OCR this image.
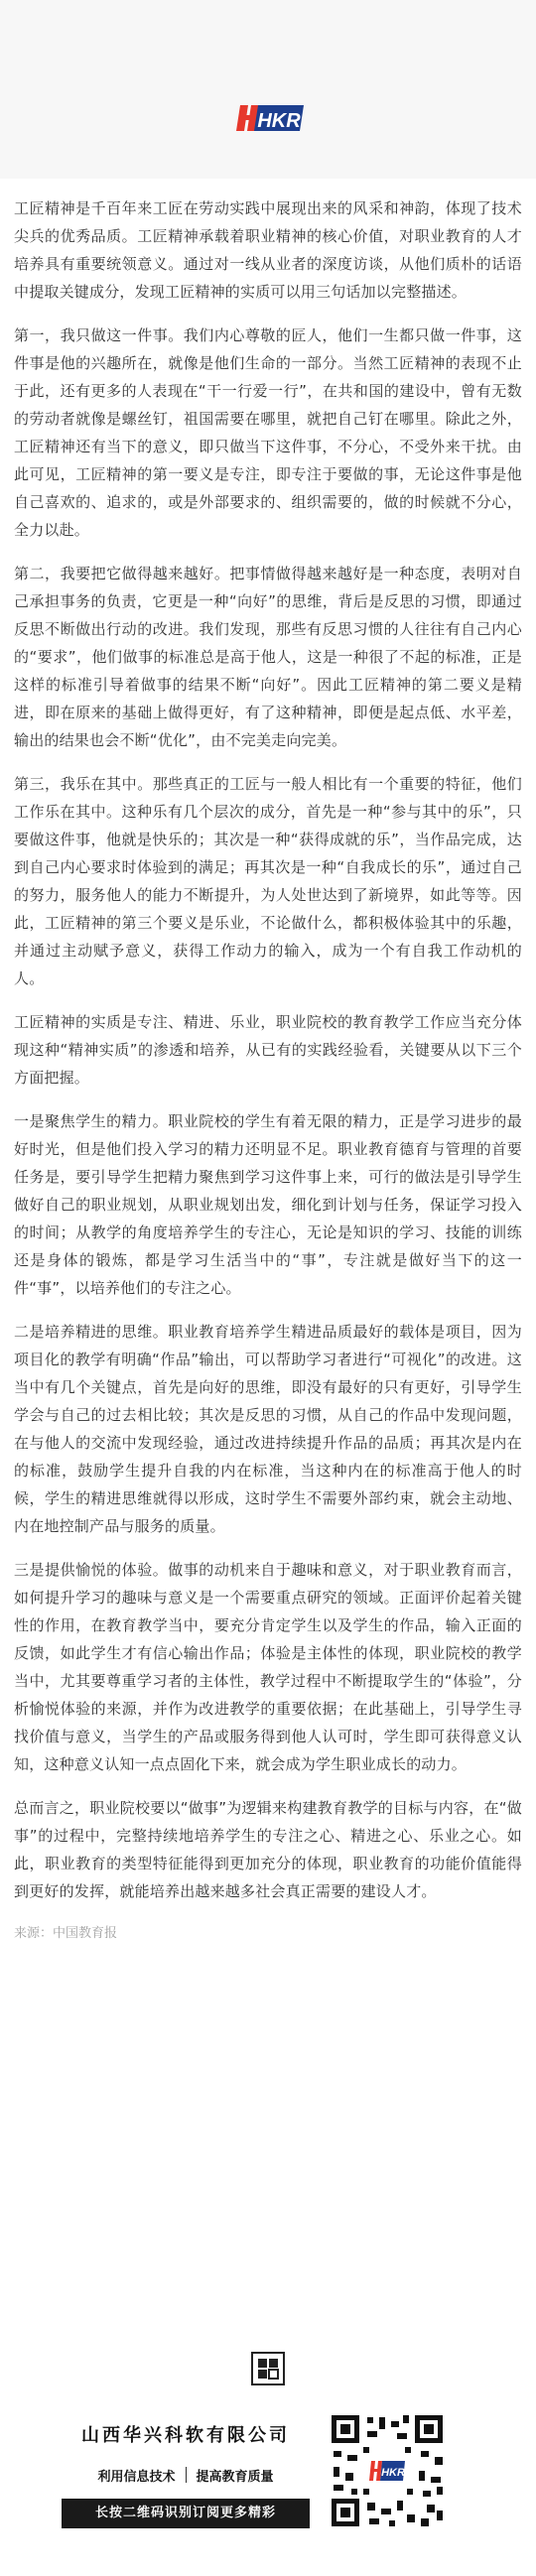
HKR

工匠精神是千百年来工匠在劳动实践中展现出来的风采和神韵，体现了技术尖兵的优秀品质。工匠精神承载着职业精神的核心价值，对职业教育的人才培养具有重要统领意义。通过对一线从业者的深度访谈，从他们质朴的话语中提取关键成分，发现工匠精神的实质可以用三句话加以完整描述。

第一，我只做这一件事。我们内心尊敬的匠人，他们一生都只做一件事，这件事是他的兴趣所在，就像是他们生命的一部分。当然工匠精神的表现不止于此，还有更多的人表现在“干一行爱一行”，在共和国的建设中，曾有无数的劳动者就像是螺丝钉，祖国需要在哪里，就把自己钉在哪里。除此之外，工匠精神还有当下的意义，即只做当下这件事，不分心，不受外来干扰。由此可见，工匠精神的第一要义是专注，即专注于要做的事，无论这件事是他自己喜欢的、追求的，或是外部要求的、组织需要的，做的时候就不分心，全力以赴。

第二，我要把它做得越来越好。把事情做得越来越好是一种态度，表明对自己承担事务的负责，它更是一种“向好”的思维，背后是反思的习惯，即通过反思不断做出行动的改进。我们发现，那些有反思习惯的人往往有自己内心的“要求”，他们做事的标准总是高于他人，这是一种很了不起的标准，正是这样的标准引导着做事的结果不断“向好”。因此工匠精神的第二要义是精进，即在原来的基础上做得更好，有了这种精神，即便是起点低、水平差，输出的结果也会不断“优化”，由不完美走向完美。

第三，我乐在其中。那些真正的工匠与一般人相比有一个重要的特征，他们工作乐在其中。这种乐有几个层次的成分，首先是一种“参与其中的乐”，只要做这件事，他就是快乐的；其次是一种“获得成就的乐”，当作品完成，达到自己内心要求时体验到的满足；再其次是一种“自我成长的乐”，通过自己的努力，服务他人的能力不断提升，为人处世达到了新境界，如此等等。因此，工匠精神的第三个要义是乐业，不论做什么，都积极体验其中的乐趣，并通过主动赋予意义，获得工作动力的输入，成为一个有自我工作动机的人。

工匠精神的实质是专注、精进、乐业，职业院校的教育教学工作应当充分体现这种“精神实质”的渗透和培养，从已有的实践经验看，关键要从以下三个方面把握。

一是聚焦学生的精力。职业院校的学生有着无限的精力，正是学习进步的最好时光，但是他们投入学习的精力还明显不足。职业教育德育与管理的首要任务是，要引导学生把精力聚焦到学习这件事上来，可行的做法是引导学生做好自己的职业规划，从职业规划出发，细化到计划与任务，保证学习投入的时间；从教学的角度培养学生的专注心，无论是知识的学习、技能的训练还是身体的锻炼，都是学习生活当中的“事”，专注就是做好当下的这一件“事”，以培养他们的专注之心。

二是培养精进的思维。职业教育培养学生精进品质最好的载体是项目，因为项目化的教学有明确“作品”输出，可以帮助学习者进行“可视化”的改进。这当中有几个关键点，首先是向好的思维，即没有最好的只有更好，引导学生学会与自己的过去相比较；其次是反思的习惯，从自己的作品中发现问题，在与他人的交流中发现经验，通过改进持续提升作品的品质；再其次是内在的标准，鼓励学生提升自我的内在标准，当这种内在的标准高于他人的时候，学生的精进思维就得以形成，这时学生不需要外部约束，就会主动地、内在地控制产品与服务的质量。

三是提供愉悦的体验。做事的动机来自于趣味和意义，对于职业教育而言，如何提升学习的趣味与意义是一个需要重点研究的领域。正面评价起着关键性的作用，在教育教学当中，要充分肯定学生以及学生的作品，输入正面的反馈，如此学生才有信心输出作品；体验是主体性的体现，职业院校的教学当中，尤其要尊重学习者的主体性，教学过程中不断提取学生的“体验”，分析愉悦体验的来源，并作为改进教学的重要依据；在此基础上，引导学生寻找价值与意义，当学生的产品或服务得到他人认可时，学生即可获得意义认知，这种意义认知一点点固化下来，就会成为学生职业成长的动力。

总而言之，职业院校要以“做事”为逻辑来构建教育教学的目标与内容，在“做事”的过程中，完整持续地培养学生的专注之心、精进之心、乐业之心。如此，职业教育的类型特征能得到更加充分的体现，职业教育的功能价值能得到更好的发挥，就能培养出越来越多社会真正需要的建设人才。

来源：中国教育报

山西华兴科软有限公司
利用信息技术 提高教育质量
长按二维码识别订阅更多精彩
HKR
